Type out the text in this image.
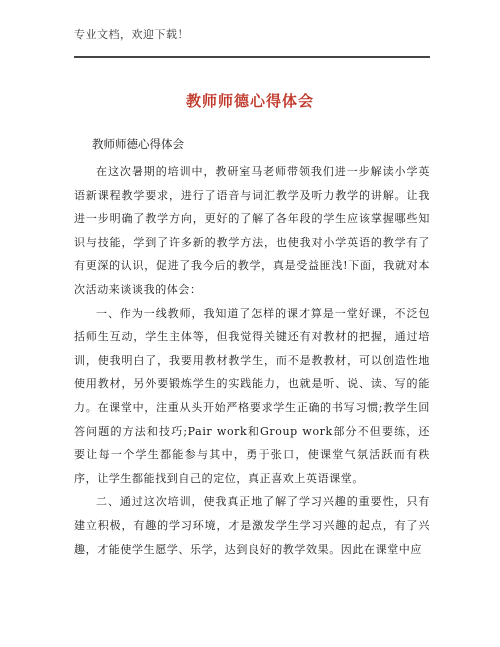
专业文档，欢迎下载！
教师师德心得体会
教师师德心得体会

在这次暑期的培训中，教研室马老师带领我们进一步解读小学英语新课程教学要求，进行了语音与词汇教学及听力教学的讲解。让我进一步明确了教学方向，更好的了解了各年段的学生应该掌握哪些知识与技能，学到了许多新的教学方法，也使我对小学英语的教学有了有更深的认识，促进了我今后的教学，真是受益匪浅!下面，我就对本次活动来谈谈我的体会：

一、作为一线教师，我知道了怎样的课才算是一堂好课，不泛包括师生互动，学生主体等，但我觉得关键还有对教材的把握，通过培训，使我明白了，我要用教材教学生，而不是教教材，可以创造性地使用教材，另外要锻炼学生的实践能力，也就是听、说、读、写的能力。在课堂中，注重从头开始严格要求学生正确的书写习惯;教学生回答问题的方法和技巧;Pair work和Group work部分不但要练，还要让每一个学生都能参与其中，勇于张口，使课堂气氛活跃而有秩序，让学生都能找到自己的定位，真正喜欢上英语课堂。

二、通过这次培训，使我真正地了解了学习兴趣的重要性，只有建立积极，有趣的学习环境，才是激发学生学习兴趣的起点，有了兴趣，才能使学生愿学、乐学，达到良好的教学效果。因此在课堂中应
